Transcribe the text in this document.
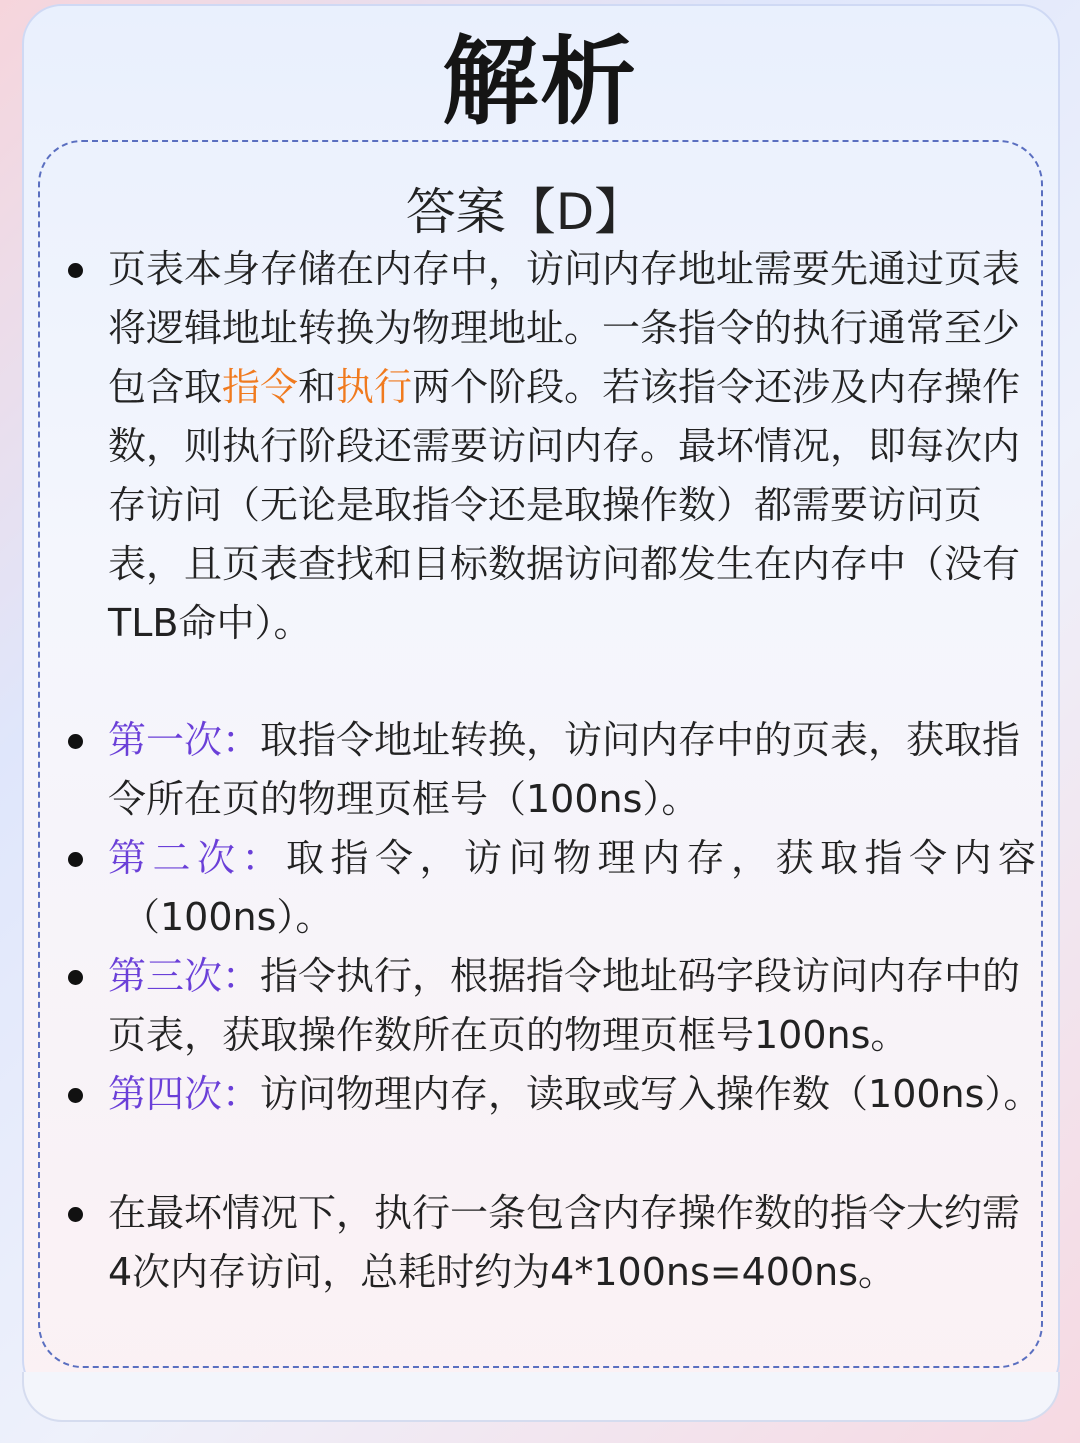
解析
答案【D】
页表本身存储在内存中，访问内存地址需要先通过页表
将逻辑地址转换为物理地址。一条指令的执行通常至少
包含取指令和执行两个阶段。若该指令还涉及内存操作
数，则执行阶段还需要访问内存。最坏情况，即每次内
存访问（无论是取指令还是取操作数）都需要访问页
表，且页表查找和目标数据访问都发生在内存中（没有
TLB命中）。
第一次：取指令地址转换，访问内存中的页表，获取指
令所在页的物理页框号（100ns）。
第二次：取指令，访问物理内存，获取指令内容
（100ns）。
第三次：指令执行，根据指令地址码字段访问内存中的
页表，获取操作数所在页的物理页框号100ns。
第四次：访问物理内存，读取或写入操作数（100ns）。
在最坏情况下，执行一条包含内存操作数的指令大约需
4次内存访问，总耗时约为4*100ns=400ns。
